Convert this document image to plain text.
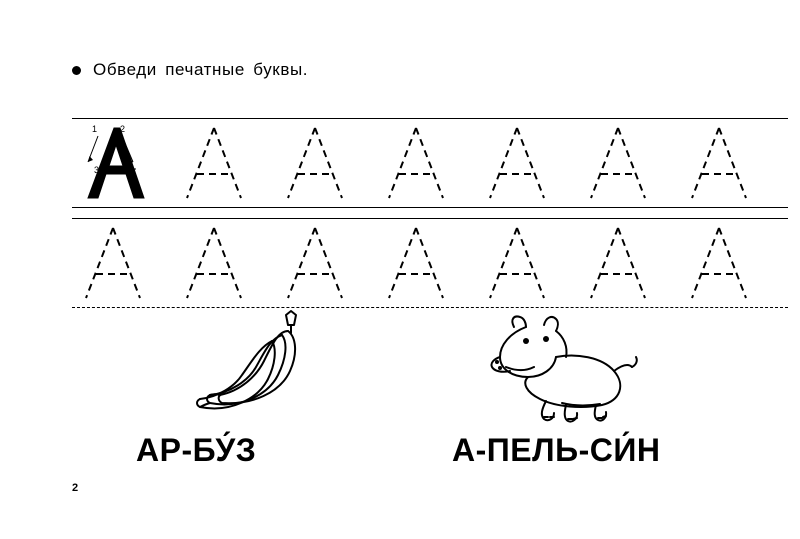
Обведи печатные буквы.
1	2
3
АР-БУ́З	А-ПЕЛЬ-СИ́Н
2
